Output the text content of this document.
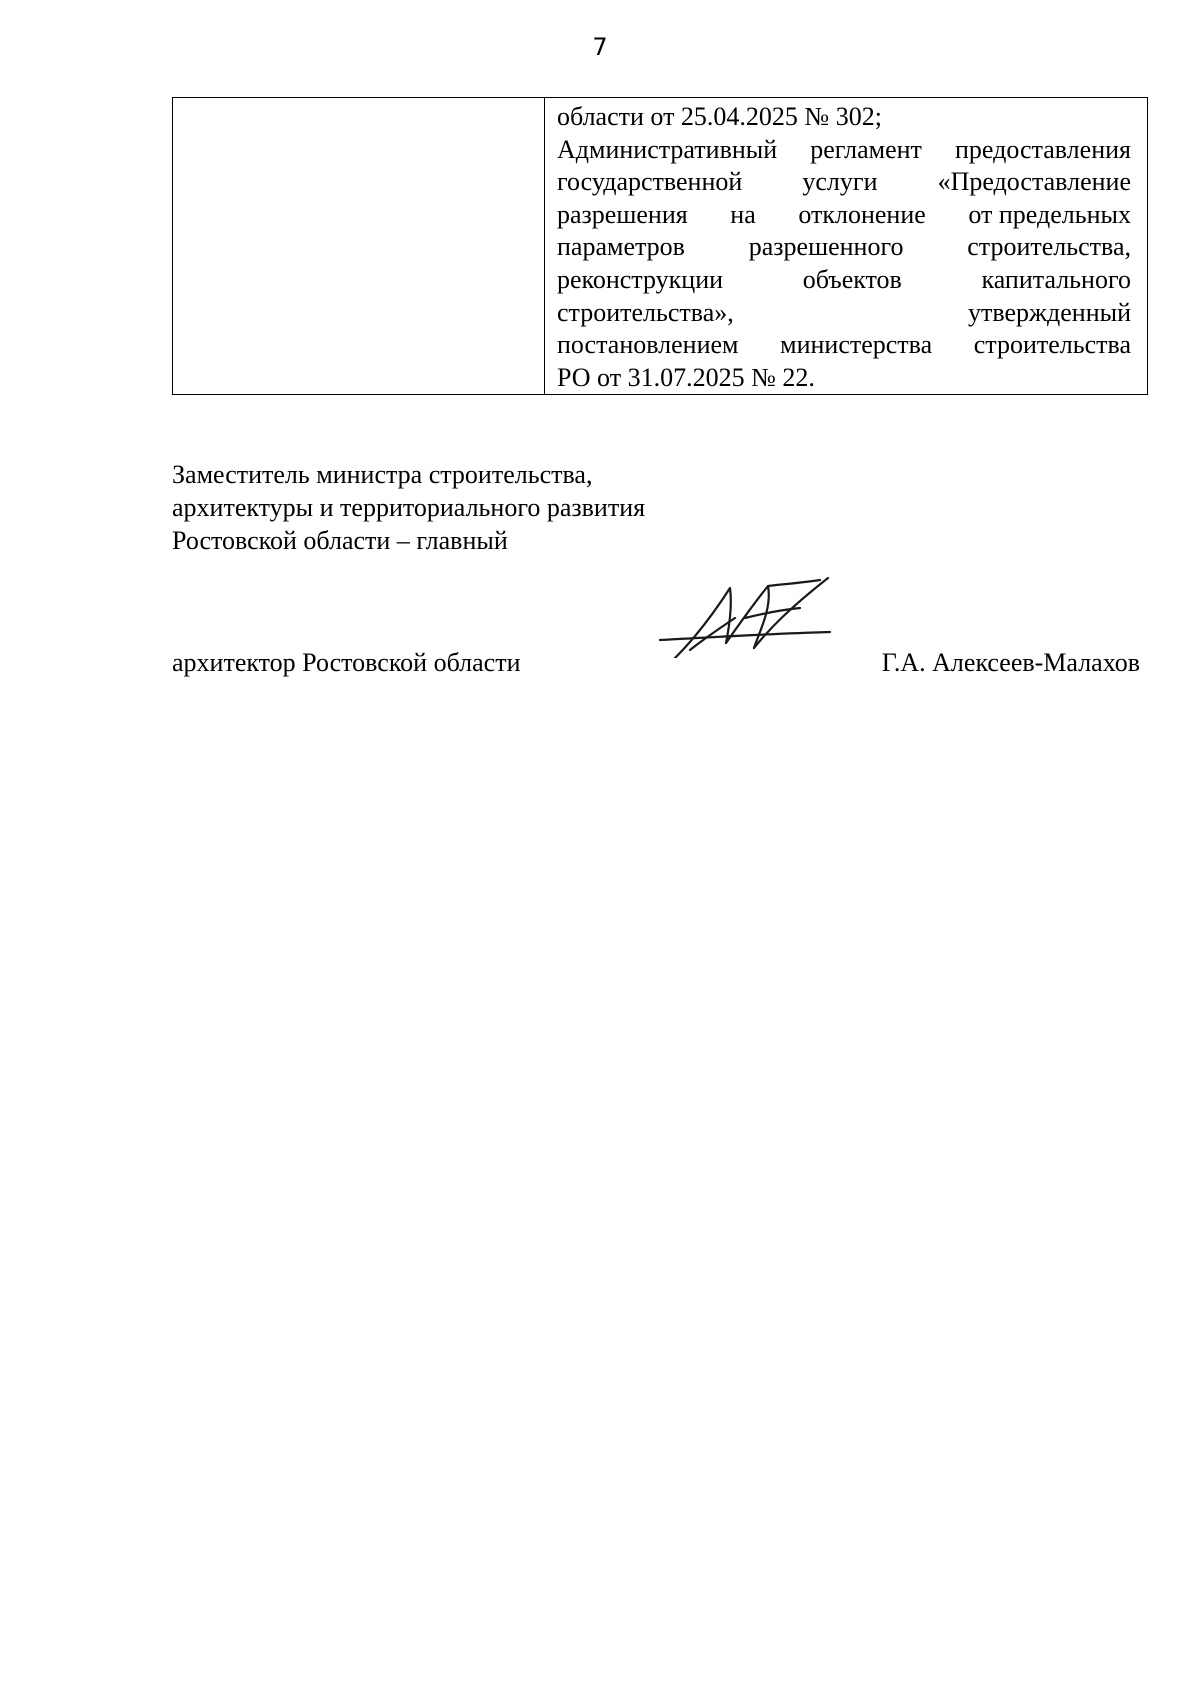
7

области от 25.04.2025 № 302;
Административный регламент предоставления
государственной услуги «Предоставление
разрешения на отклонение от предельных
параметров разрешенного строительства,
реконструкции	объектов	капитального
строительства»,	утвержденный
постановлением министерства строительства
РО от 31.07.2025 № 22.
Заместитель министра строительства,
архитектуры и территориального развития
Ростовской области – главный
архитектор Ростовской области	Г.А. Алексеев-Малахов
